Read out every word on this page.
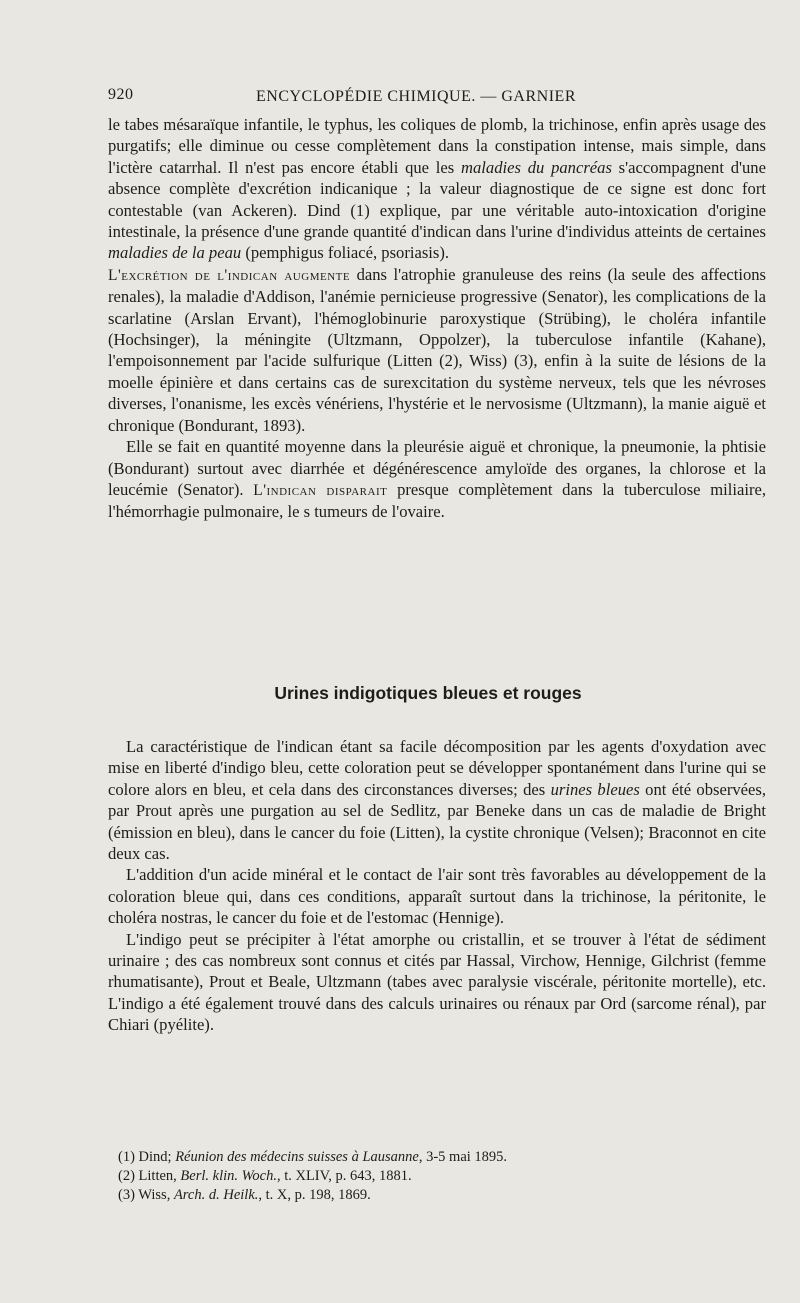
920	ENCYCLOPÉDIE CHIMIQUE. — GARNIER

le tabes mésaraïque infantile, le typhus, les coliques de plomb, la trichinose, enfin après usage des purgatifs; elle diminue ou cesse complètement dans la constipation intense, mais simple, dans l'ictère catarrhal. Il n'est pas encore établi que les maladies du pancréas s'accompagnent d'une absence complète d'excrétion indicanique ; la valeur diagnostique de ce signe est donc fort contestable (van Ackeren). Dind (1) explique, par une véritable auto-intoxication d'origine intestinale, la présence d'une grande quantité d'indican dans l'urine d'individus atteints de certaines maladies de la peau (pemphigus foliacé, psoriasis).

L'excrétion de l'indican augmente dans l'atrophie granuleuse des reins (la seule des affections renales), la maladie d'Addison, l'anémie pernicieuse progressive (Senator), les complications de la scarlatine (Arslan Ervant), l'hémoglobinurie paroxystique (Strübing), le choléra infantile (Hochsinger), la méningite (Ultzmann, Oppolzer), la tuberculose infantile (Kahane), l'empoisonnement par l'acide sulfurique (Litten (2), Wiss) (3), enfin à la suite de lésions de la moelle épinière et dans certains cas de surexcitation du système nerveux, tels que les névroses diverses, l'onanisme, les excès vénériens, l'hystérie et le nervosisme (Ultzmann), la manie aiguë et chronique (Bondurant, 1893).

Elle se fait en quantité moyenne dans la pleurésie aiguë et chronique, la pneumonie, la phtisie (Bondurant) surtout avec diarrhée et dégénérescence amyloïde des organes, la chlorose et la leucémie (Senator). L'indican disparait presque complètement dans la tuberculose miliaire, l'hémorrhagie pulmonaire, le s tumeurs de l'ovaire.

Urines indigotiques bleues et rouges

La caractéristique de l'indican étant sa facile décomposition par les agents d'oxydation avec mise en liberté d'indigo bleu, cette coloration peut se développer spontanément dans l'urine qui se colore alors en bleu, et cela dans des circonstances diverses; des urines bleues ont été observées, par Prout après une purgation au sel de Sedlitz, par Beneke dans un cas de maladie de Bright (émission en bleu), dans le cancer du foie (Litten), la cystite chronique (Velsen); Braconnot en cite deux cas.

L'addition d'un acide minéral et le contact de l'air sont très favorables au développement de la coloration bleue qui, dans ces conditions, apparaît surtout dans la trichinose, la péritonite, le choléra nostras, le cancer du foie et de l'estomac (Hennige).

L'indigo peut se précipiter à l'état amorphe ou cristallin, et se trouver à l'état de sédiment urinaire ; des cas nombreux sont connus et cités par Hassal, Virchow, Hennige, Gilchrist (femme rhumatisante), Prout et Beale, Ultzmann (tabes avec paralysie viscérale, péritonite mortelle), etc. L'indigo a été également trouvé dans des calculs urinaires ou rénaux par Ord (sarcome rénal), par Chiari (pyélite).

(1) Dind; Réunion des médecins suisses à Lausanne, 3-5 mai 1895.
(2) Litten, Berl. klin. Woch., t. XLIV, p. 643, 1881.
(3) Wiss, Arch. d. Heilk., t. X, p. 198, 1869.
